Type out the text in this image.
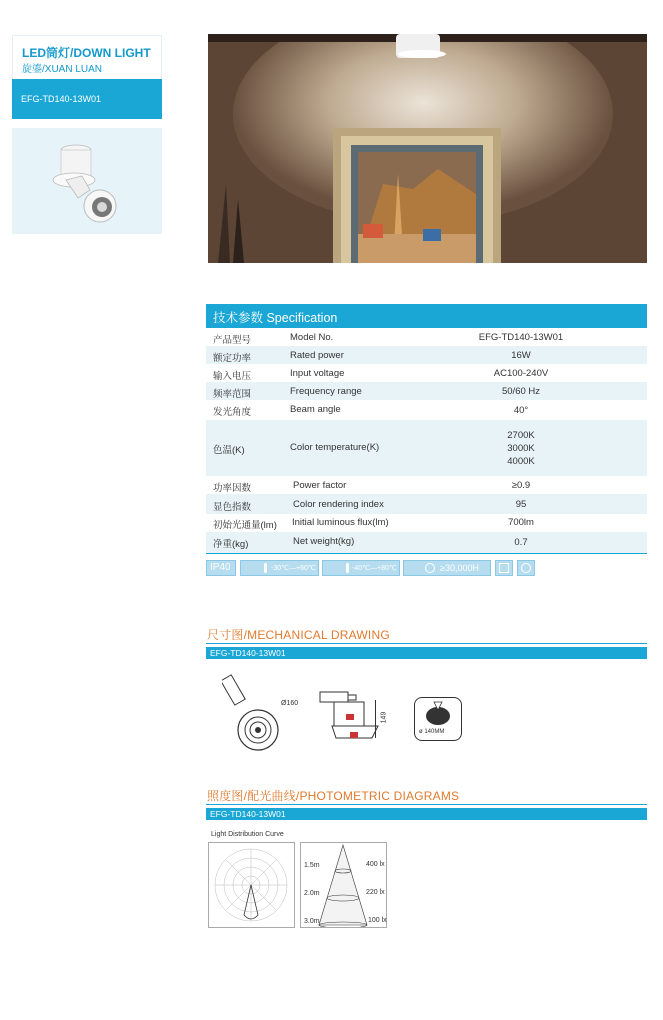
LED筒灯/DOWN LIGHT
旋鎏/XUAN LUAN
EFG-TD140-13W01
技术参数 Specification
产品型号	Model No.	EFG-TD140-13W01
额定功率	Rated power	16W
输入电压	Input voltage	AC100-240V
频率范围	Frequency range	50/60 Hz
发光角度	Beam angle	40°
色温(K)	Color temperature(K)
2700K
3000K
4000K
功率因数	Power factor	≥0.9
显色指数	Color rendering index	95
初始光通量(lm) Initial luminous flux(lm)	700lm
净重(kg)	Net weight(kg)	0.7
IP40	-30℃—+60℃	-40℃—+80℃	≥30,000H
尺寸图/MECHANICAL DRAWING
EFG-TD140-13W01
Ø160
149
ø 140MM
照度图/配光曲线/PHOTOMETRIC DIAGRAMS
EFG-TD140-13W01
Light Distribution Curve
1.5m
2.0m
3.0m
400 lx
220 lx
100 lx
